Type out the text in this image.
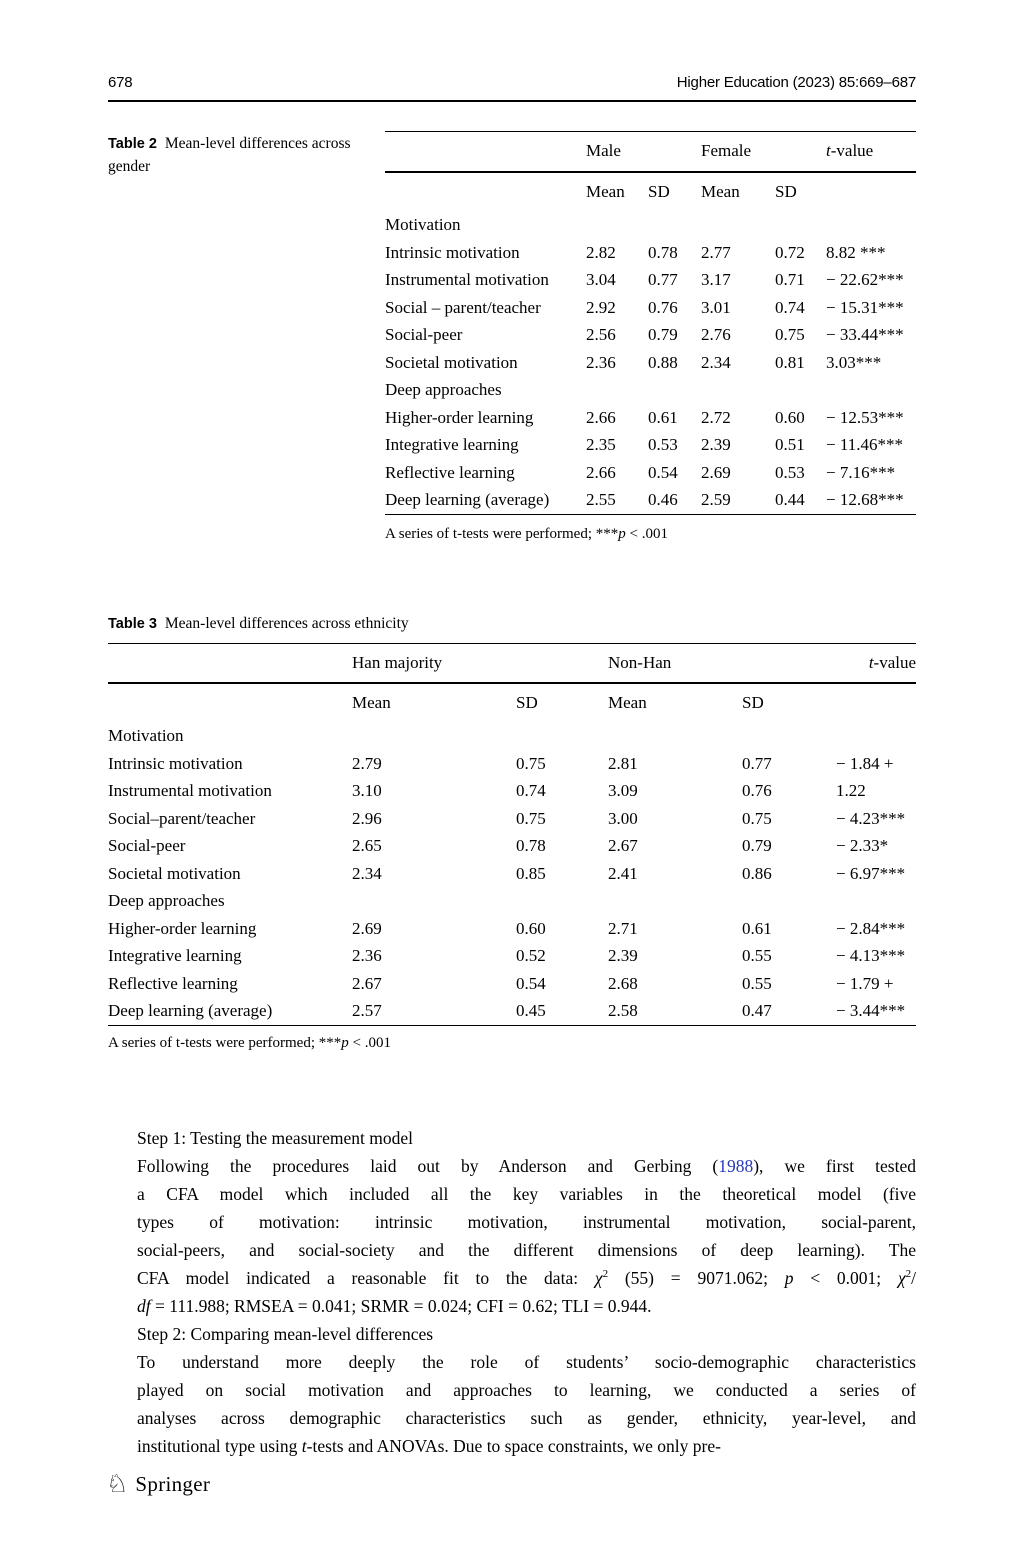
678	Higher Education (2023) 85:669–687
Table 2 Mean-level differences across gender
	Male		Female		t-value
	Mean	SD	Mean	SD	
Motivation					
Intrinsic motivation	2.82	0.78	2.77	0.72	8.82 ***
Instrumental motivation	3.04	0.77	3.17	0.71	− 22.62***
Social – parent/teacher	2.92	0.76	3.01	0.74	− 15.31***
Social-peer	2.56	0.79	2.76	0.75	− 33.44***
Societal motivation	2.36	0.88	2.34	0.81	3.03***
Deep approaches					
Higher-order learning	2.66	0.61	2.72	0.60	− 12.53***
Integrative learning	2.35	0.53	2.39	0.51	− 11.46***
Reflective learning	2.66	0.54	2.69	0.53	− 7.16***
Deep learning (average)	2.55	0.46	2.59	0.44	− 12.68***
A series of t-tests were performed; ***p < .001
Table 3 Mean-level differences across ethnicity
	Han majority		Non-Han		t-value
	Mean	SD	Mean	SD	
Motivation					
Intrinsic motivation	2.79	0.75	2.81	0.77	− 1.84 +
Instrumental motivation	3.10	0.74	3.09	0.76	1.22
Social–parent/teacher	2.96	0.75	3.00	0.75	− 4.23***
Social-peer	2.65	0.78	2.67	0.79	− 2.33*
Societal motivation	2.34	0.85	2.41	0.86	− 6.97***
Deep approaches					
Higher-order learning	2.69	0.60	2.71	0.61	− 2.84***
Integrative learning	2.36	0.52	2.39	0.55	− 4.13***
Reflective learning	2.67	0.54	2.68	0.55	− 1.79 +
Deep learning (average)	2.57	0.45	2.58	0.47	− 3.44***
A series of t-tests were performed; ***p < .001
Step 1: Testing the measurement model
Following the procedures laid out by Anderson and Gerbing (1988), we first tested
a CFA model which included all the key variables in the theoretical model (five
types of motivation: intrinsic motivation, instrumental motivation, social-parent,
social-peers, and social-society and the different dimensions of deep learning). The
CFA model indicated a reasonable fit to the data: $\chi^2$ (55) = 9071.062; p < 0.001; $\chi^2/$
df = 111.988; RMSEA = 0.041; SRMR = 0.024; CFI = 0.62; TLI = 0.944.
Step 2: Comparing mean-level differences
To understand more deeply the role of students’ socio-demographic characteristics
played on social motivation and approaches to learning, we conducted a series of
analyses across demographic characteristics such as gender, ethnicity, year-level, and
institutional type using t-tests and ANOVAs. Due to space constraints, we only pre-
♘ Springer
